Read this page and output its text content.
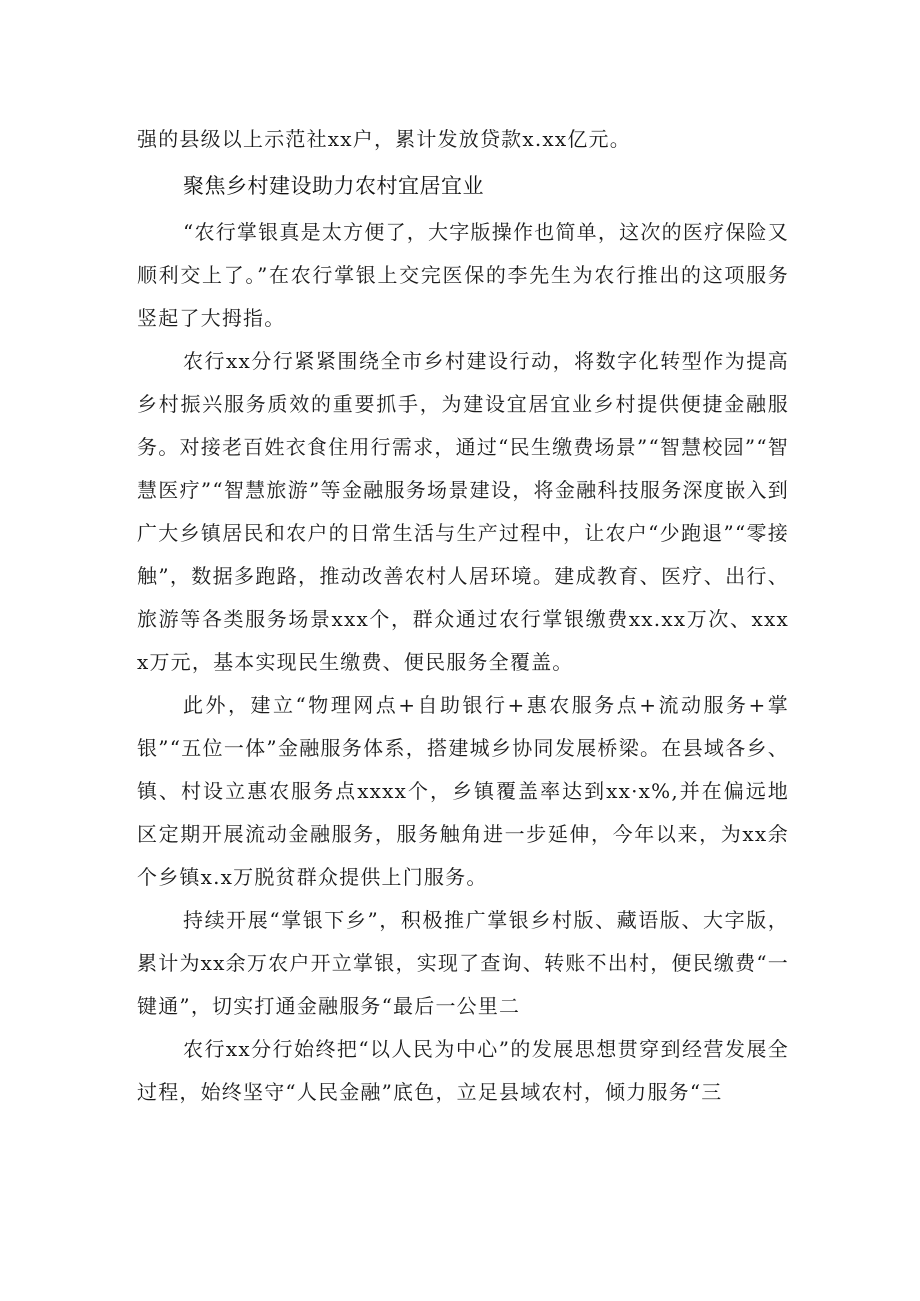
强的县级以上示范社xx户，累计发放贷款x.xx亿元。

聚焦乡村建设助力农村宜居宜业

“农行掌银真是太方便了，大字版操作也简单，这次的医疗保险又顺利交上了。”在农行掌银上交完医保的李先生为农行推出的这项服务竖起了大拇指。

农行xx分行紧紧围绕全市乡村建设行动，将数字化转型作为提高乡村振兴服务质效的重要抓手，为建设宜居宜业乡村提供便捷金融服务。对接老百姓衣食住用行需求，通过“民生缴费场景”“智慧校园”“智慧医疗”“智慧旅游”等金融服务场景建设，将金融科技服务深度嵌入到广大乡镇居民和农户的日常生活与生产过程中，让农户“少跑退”“零接触”，数据多跑路，推动改善农村人居环境。建成教育、医疗、出行、旅游等各类服务场景xxx个，群众通过农行掌银缴费xx.xx万次、xxxx万元，基本实现民生缴费、便民服务全覆盖。

此外，建立“物理网点+自助银行+惠农服务点+流动服务+掌银”“五位一体”金融服务体系，搭建城乡协同发展桥梁。在县域各乡、镇、村设立惠农服务点xxxx个，乡镇覆盖率达到xx·x%,并在偏远地区定期开展流动金融服务，服务触角进一步延伸，今年以来，为xx余个乡镇x.x万脱贫群众提供上门服务。

持续开展“掌银下乡”，积极推广掌银乡村版、藏语版、大字版，累计为xx余万农户开立掌银，实现了查询、转账不出村，便民缴费“一键通”，切实打通金融服务“最后一公里二

农行xx分行始终把“以人民为中心”的发展思想贯穿到经营发展全过程，始终坚守“人民金融”底色，立足县域农村，倾力服务“三
